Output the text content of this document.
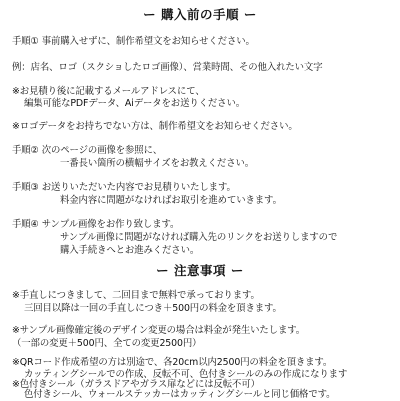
ー 購入前の手順 ー
手順① 事前購入せずに、制作希望文をお知らせください。
例：店名、ロゴ（スクショしたロゴ画像）、営業時間、その他入れたい文字
※お見積り後に記載するメールアドレスにて、
編集可能なPDFデータ、Aiデータをお送りください。
※ロゴデータをお持ちでない方は、制作希望文をお知らせください。
手順② 次のページの画像を参照に、
一番長い箇所の横幅サイズをお教えください。
手順③ お送りいただいた内容でお見積りいたします。
料金内容に問題がなければお取引を進めていきます。
手順④ サンプル画像をお作り致します。
サンプル画像に問題がなければ購入先のリンクをお送りしますので
購入手続きへとお進みください。
ー 注意事項 ー
※手直しにつきまして、二回目まで無料で承っております。
三回目以降は一回の手直しにつき＋500円の料金を頂きます。
※サンプル画像確定後のデザイン変更の場合は料金が発生いたします。
（一部の変更＋500円、全ての変更2500円）
※QRコード作成希望の方は別途で、各20cm以内2500円の料金を頂きます。
カッティングシールでの作成、反転不可、色付きシールのみの作成になります
※色付きシール（ガラスドアやガラス扉などには反転不可）
色付きシール、ウォールステッカーはカッティングシールと同じ価格です。
